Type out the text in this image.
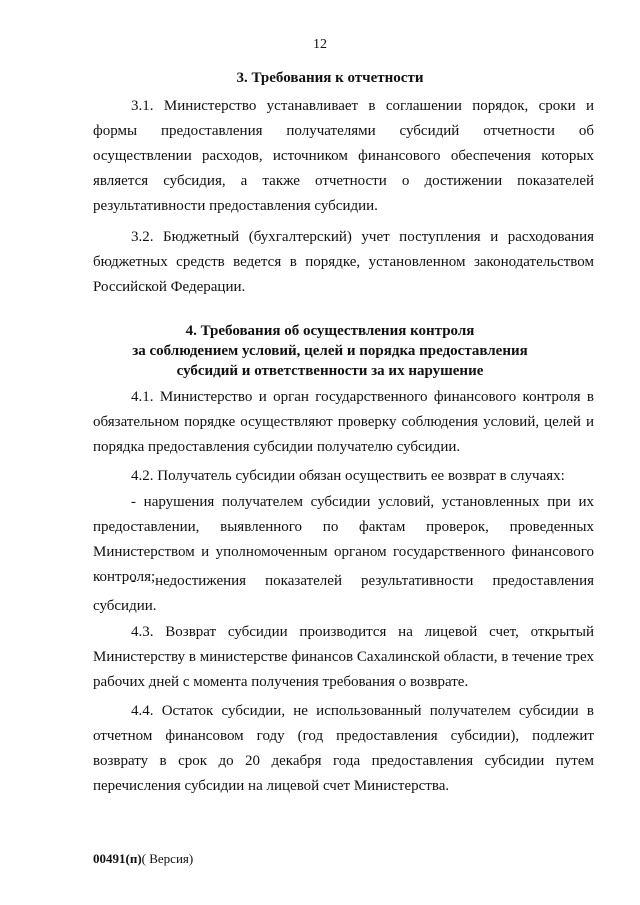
12
3. Требования к отчетности
3.1. Министерство устанавливает в соглашении порядок, сроки и формы предоставления получателями субсидий отчетности об осуществлении расходов, источником финансового обеспечения которых является субсидия, а также отчетности о достижении показателей результативности предоставления субсидии.
3.2. Бюджетный (бухгалтерский) учет поступления и расходования бюджетных средств ведется в порядке, установленном законодательством Российской Федерации.
4. Требования об осуществления контроля
за соблюдением условий, целей и порядка предоставления
субсидий и ответственности за их нарушение
4.1. Министерство и орган государственного финансового контроля в обязательном порядке осуществляют проверку соблюдения условий, целей и порядка предоставления субсидии получателю субсидии.
4.2. Получатель субсидии обязан осуществить ее возврат в случаях:
- нарушения получателем субсидии условий, установленных при их предоставлении, выявленного по фактам проверок, проведенных Министерством и уполномоченным органом государственного финансового контроля;
- недостижения показателей результативности предоставления субсидии.
4.3. Возврат субсидии производится на лицевой счет, открытый Министерству в министерстве финансов Сахалинской области, в течение трех рабочих дней с момента получения требования о возврате.
4.4. Остаток субсидии, не использованный получателем субсидии в отчетном финансовом году (год предоставления субсидии), подлежит возврату в срок до 20 декабря года предоставления субсидии путем перечисления субсидии на лицевой счет Министерства.
00491(п)( Версия)
